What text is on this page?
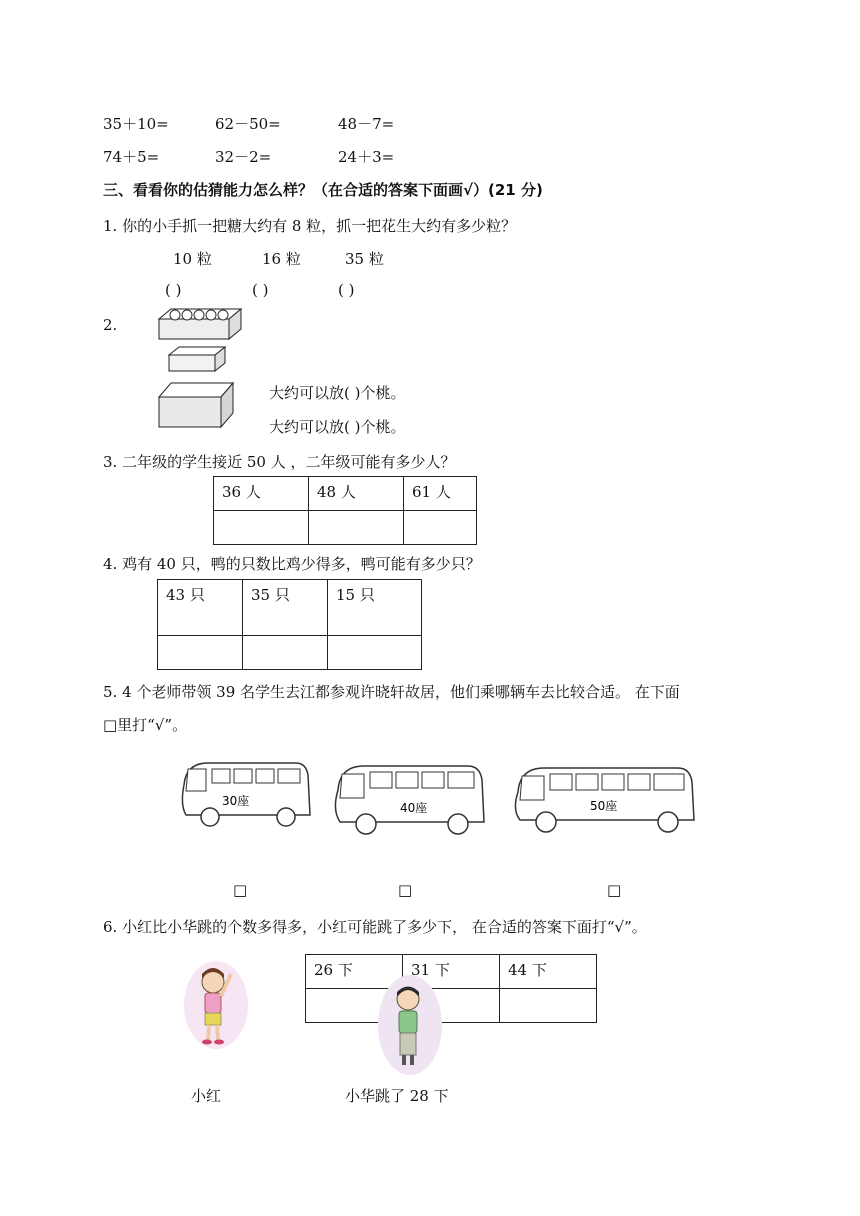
35＋10=	62－50=	48－7=
74＋5=	32－2=	24＋3=
三、看看你的估猜能力怎么样？（在合适的答案下面画√）(21 分)
1. 你的小手抓一把糖大约有 8 粒，抓一把花生大约有多少粒？
10 粒	16 粒	35 粒
( )	( )	( )
2.
大约可以放( )个桃。
大约可以放( )个桃。
3. 二年级的学生接近 50 人 ，二年级可能有多少人？
36 人	48 人	61 人

4. 鸡有 40 只，鸭的只数比鸡少得多，鸭可能有多少只？
43 只	35 只	15 只

5. 4 个老师带领 39 名学生去江都参观许晓轩故居，他们乘哪辆车去比较合适。 在下面
□里打“√”。
30座	40座	50座
□	□	□
6. 小红比小华跳的个数多得多，小红可能跳了多少下， 在合适的答案下面打“√”。
26 下	31 下	44 下

小红	小华跳了 28 下
